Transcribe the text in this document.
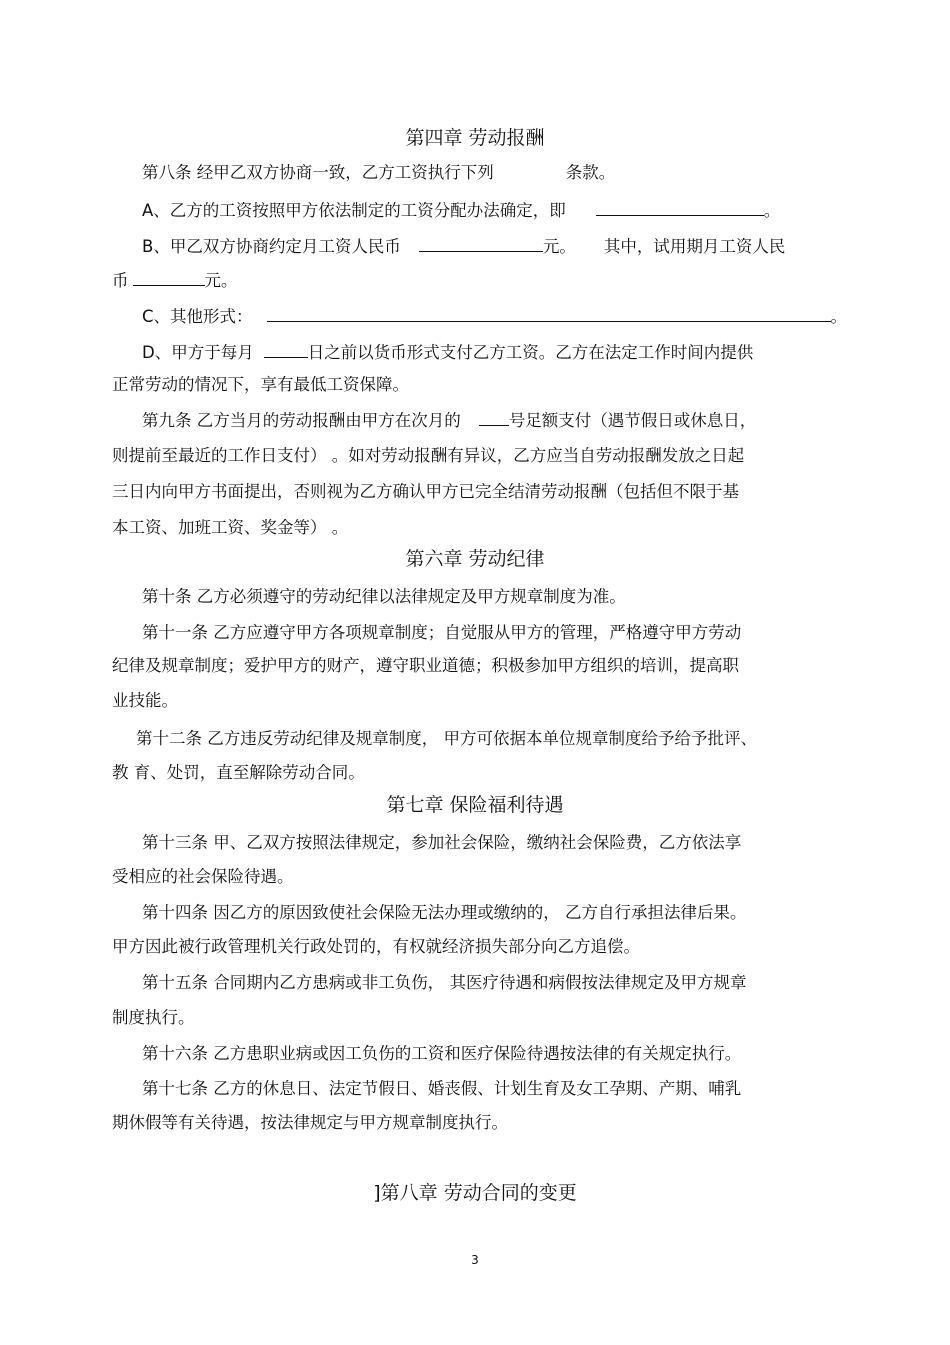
第四章 劳动报酬
第八条 经甲乙双方协商一致，乙方工资执行下列	条款。
A、乙方的工资按照甲方依法制定的工资分配办法确定，即	。
B、甲乙双方协商约定月工资人民币	元。 其中，试用期月工资人民
币	元。
C、其他形式：	。
D、甲方于每月	日之前以货币形式支付乙方工资。乙方在法定工作时间内提供
正常劳动的情况下，享有最低工资保障。
第九条 乙方当月的劳动报酬由甲方在次月的	号足额支付（遇节假日或休息日，
则提前至最近的工作日支付） 。如对劳动报酬有异议，乙方应当自劳动报酬发放之日起
三日内向甲方书面提出，否则视为乙方确认甲方已完全结清劳动报酬（包括但不限于基
本工资、加班工资、奖金等） 。
第六章 劳动纪律
第十条 乙方必须遵守的劳动纪律以法律规定及甲方规章制度为准。
第十一条 乙方应遵守甲方各项规章制度；自觉服从甲方的管理，严格遵守甲方劳动
纪律及规章制度；爱护甲方的财产，遵守职业道德；积极参加甲方组织的培训，提高职
业技能。
第十二条 乙方违反劳动纪律及规章制度， 甲方可依据本单位规章制度给予给予批评、
教 育、处罚，直至解除劳动合同。
第七章 保险福利待遇
第十三条 甲、乙双方按照法律规定，参加社会保险，缴纳社会保险费，乙方依法享
受相应的社会保险待遇。
第十四条 因乙方的原因致使社会保险无法办理或缴纳的， 乙方自行承担法律后果。
甲方因此被行政管理机关行政处罚的，有权就经济损失部分向乙方追偿。
第十五条 合同期内乙方患病或非工负伤， 其医疗待遇和病假按法律规定及甲方规章
制度执行。
第十六条 乙方患职业病或因工负伤的工资和医疗保险待遇按法律的有关规定执行。
第十七条 乙方的休息日、法定节假日、婚丧假、计划生育及女工孕期、产期、哺乳
期休假等有关待遇，按法律规定与甲方规章制度执行。
]第八章 劳动合同的变更
3
